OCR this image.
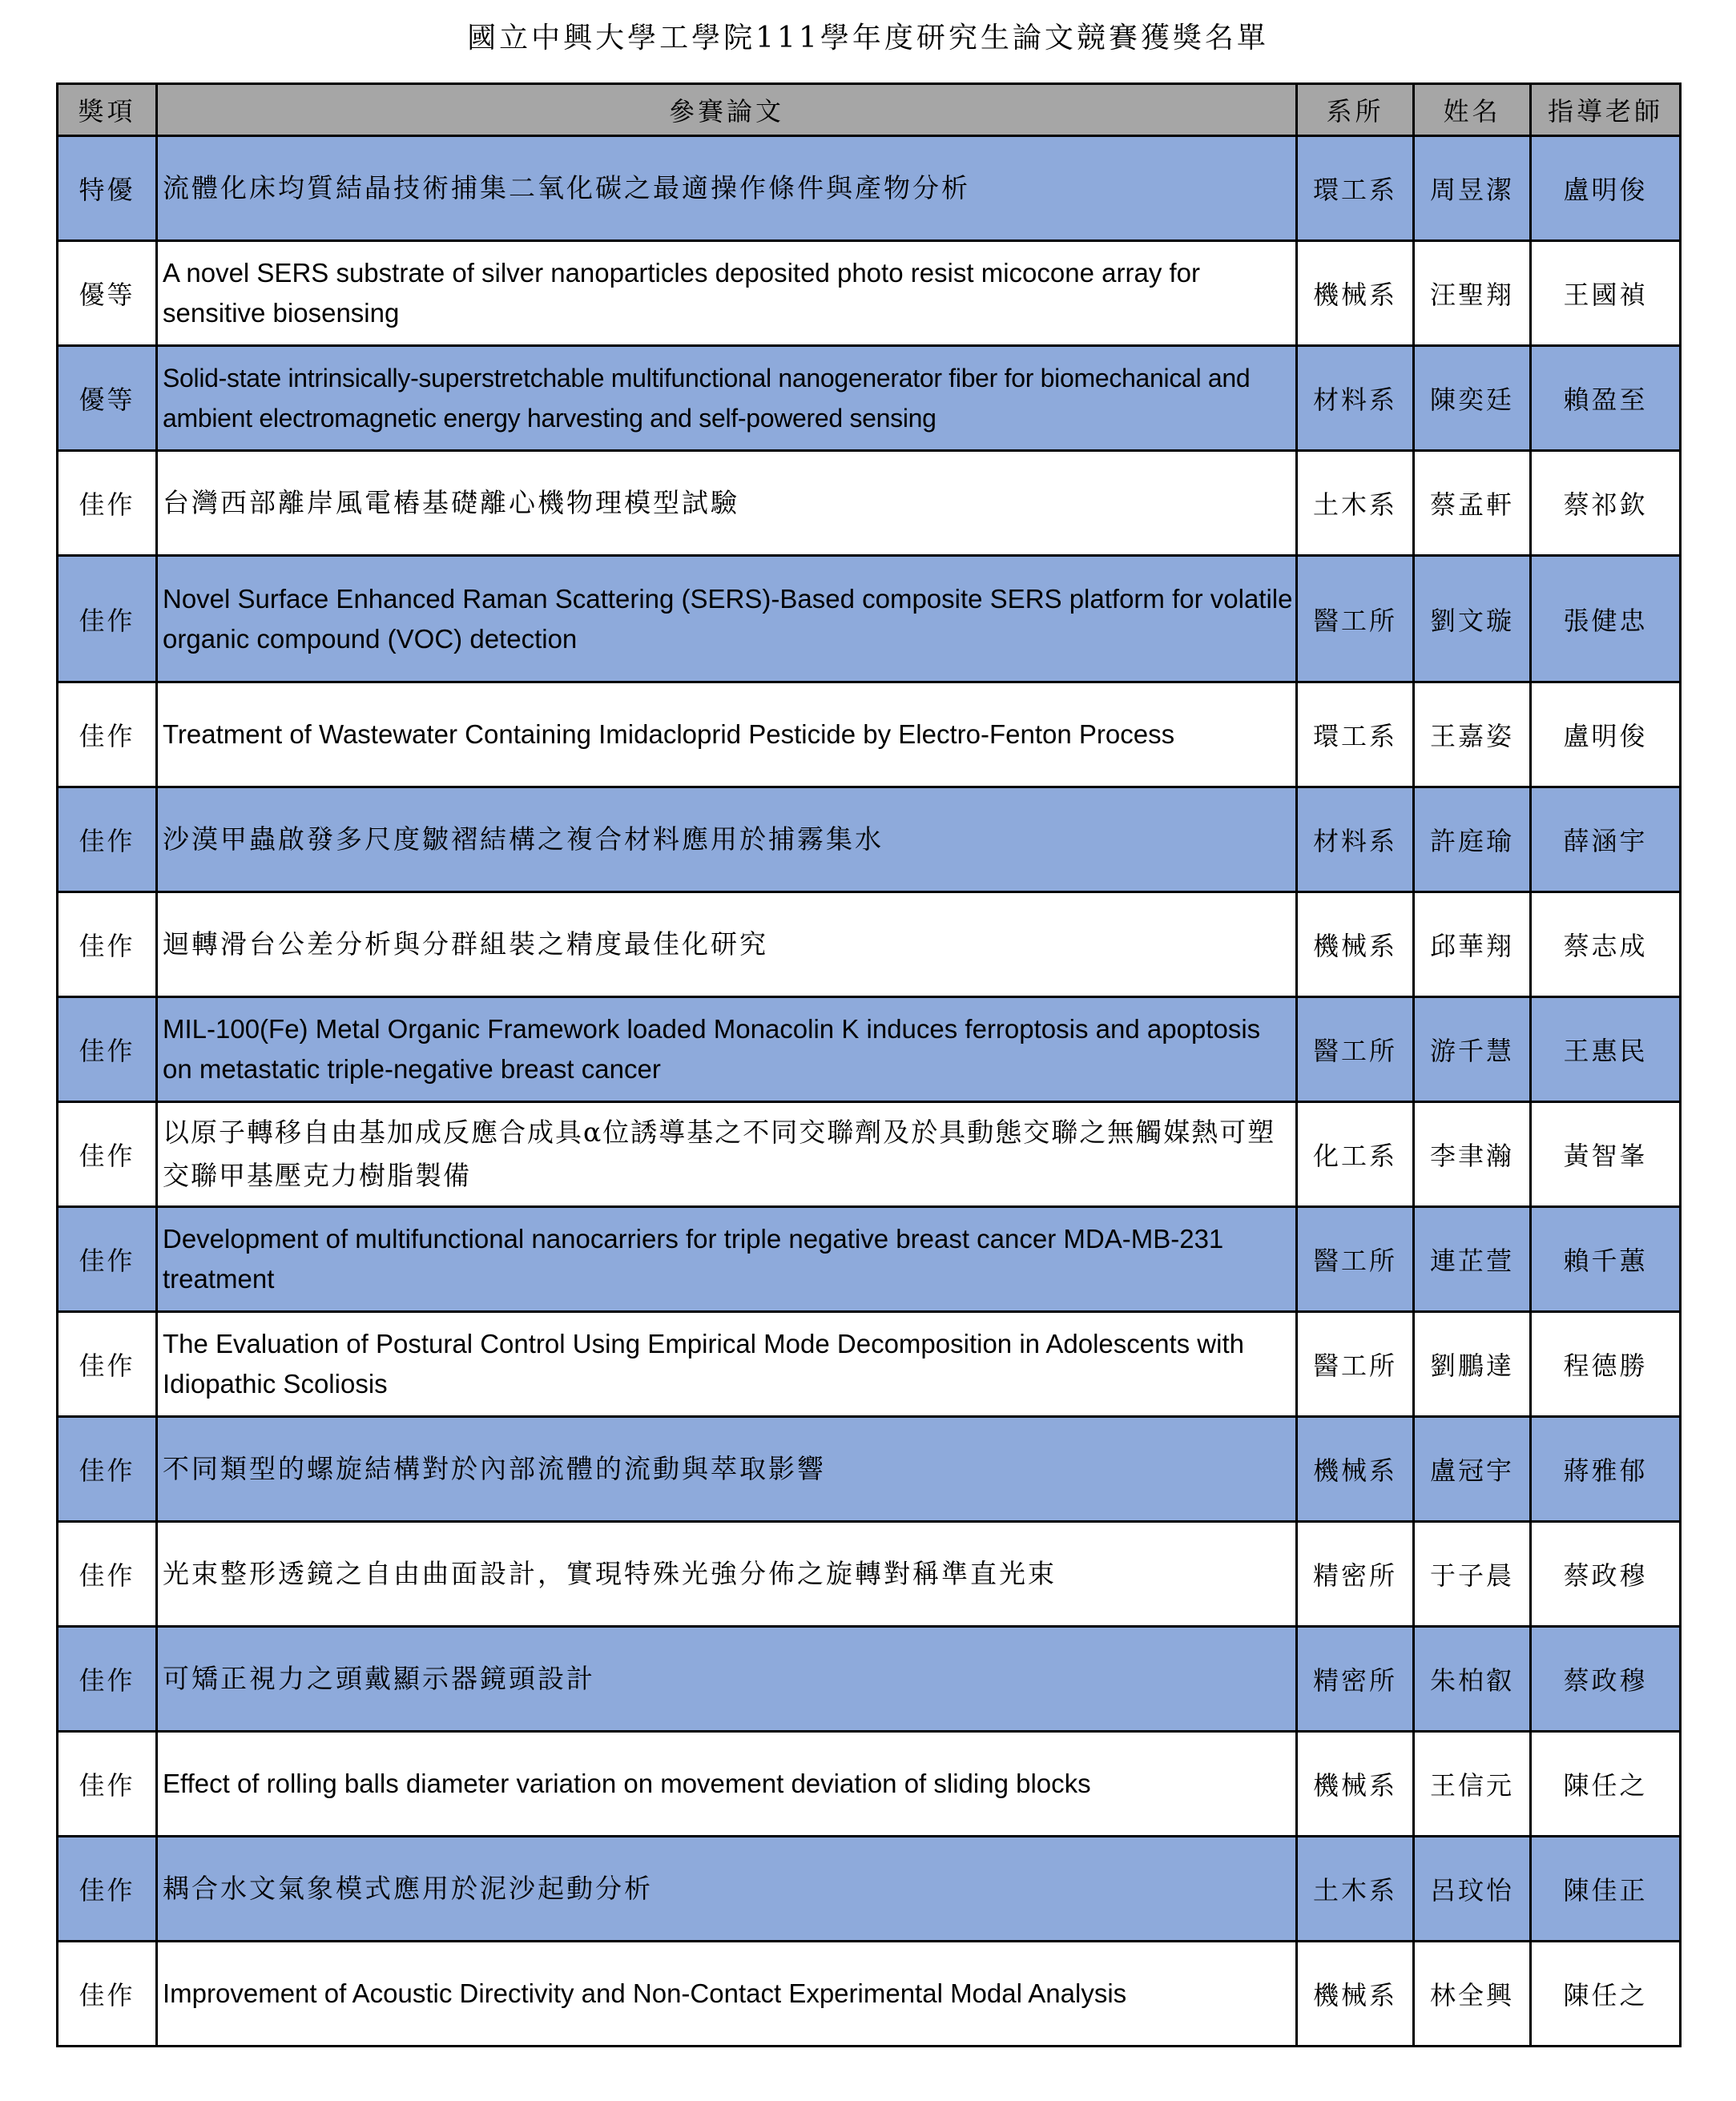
國立中興大學工學院111學年度研究生論文競賽獲獎名單
獎項	參賽論文	系所	姓名	指導老師
特優	流體化床均質結晶技術捕集二氧化碳之最適操作條件與產物分析	環工系	周昱潔	盧明俊
優等	A novel SERS substrate of silver nanoparticles deposited photo resist micocone array for sensitive biosensing	機械系	汪聖翔	王國禎
優等	Solid-state intrinsically-superstretchable multifunctional nanogenerator fiber for biomechanical and ambient electromagnetic energy harvesting and self-powered sensing	材料系	陳奕廷	賴盈至
佳作	台灣西部離岸風電樁基礎離心機物理模型試驗	土木系	蔡孟軒	蔡祁欽
佳作	Novel Surface Enhanced Raman Scattering (SERS)-Based composite SERS platform for volatile organic compound (VOC) detection	醫工所	劉文璇	張健忠
佳作	Treatment of Wastewater Containing Imidacloprid Pesticide by Electro-Fenton Process	環工系	王嘉姿	盧明俊
佳作	沙漠甲蟲啟發多尺度皺褶結構之複合材料應用於捕霧集水	材料系	許庭瑜	薛涵宇
佳作	迴轉滑台公差分析與分群組裝之精度最佳化研究	機械系	邱華翔	蔡志成
佳作	MIL-100(Fe) Metal Organic Framework loaded Monacolin K induces ferroptosis and apoptosis on metastatic triple-negative breast cancer	醫工所	游千慧	王惠民
佳作	以原子轉移自由基加成反應合成具α位誘導基之不同交聯劑及於具動態交聯之無觸媒熱可塑交聯甲基壓克力樹脂製備	化工系	李聿瀚	黃智峯
佳作	Development of multifunctional nanocarriers for triple negative breast cancer MDA-MB-231 treatment	醫工所	連芷萱	賴千蕙
佳作	The Evaluation of Postural Control Using Empirical Mode Decomposition in Adolescents with Idiopathic Scoliosis	醫工所	劉鵬達	程德勝
佳作	不同類型的螺旋結構對於內部流體的流動與萃取影響	機械系	盧冠宇	蔣雅郁
佳作	光束整形透鏡之自由曲面設計，實現特殊光強分佈之旋轉對稱準直光束	精密所	于子晨	蔡政穆
佳作	可矯正視力之頭戴顯示器鏡頭設計	精密所	朱柏叡	蔡政穆
佳作	Effect of rolling balls diameter variation on movement deviation of sliding blocks	機械系	王信元	陳任之
佳作	耦合水文氣象模式應用於泥沙起動分析	土木系	呂玟怡	陳佳正
佳作	Improvement of Acoustic Directivity and Non-Contact Experimental Modal Analysis	機械系	林全興	陳任之
